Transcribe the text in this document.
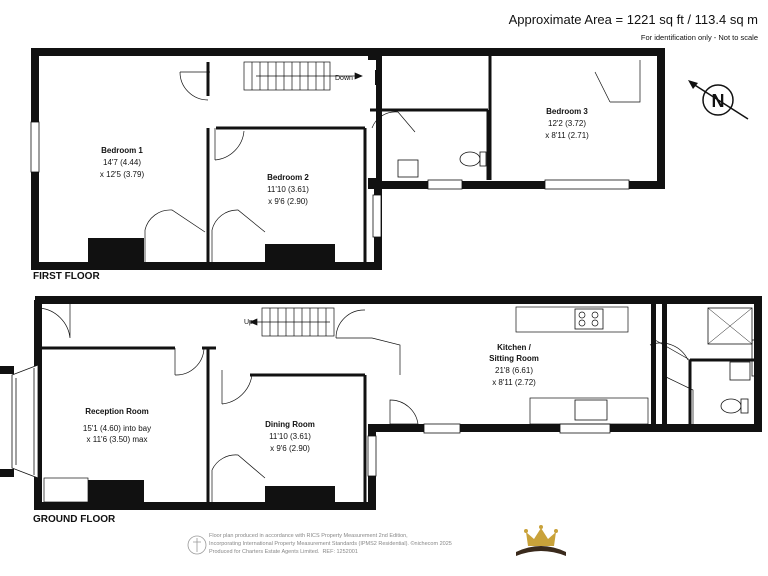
Approximate Area = 1221 sq ft / 113.4 sq m
For identification only - Not to scale
Down
Bedroom 1
14'7 (4.44)
x 12'5 (3.79)	Bedroom 2
11'10 (3.61)
x 9'6 (2.90)
Bedroom 3
12'2 (3.72)
x 8'11 (2.71)
Up
Reception Room
15'1 (4.60) into bay
x 11'6 (3.50) max
Dining Room
11'10 (3.61)
x 9'6 (2.90)
Kitchen /
Sitting Room
21'8 (6.61)
x 8'11 (2.72)
N
FIRST FLOOR
GROUND FLOOR
Floor plan produced in accordance with RICS Property Measurement 2nd Edition,
Incorporating International Property Measurement Standards (IPMS2 Residential). ©nichecom 2025
Produced for Charters Estate Agents Limited. REF: 1252001
